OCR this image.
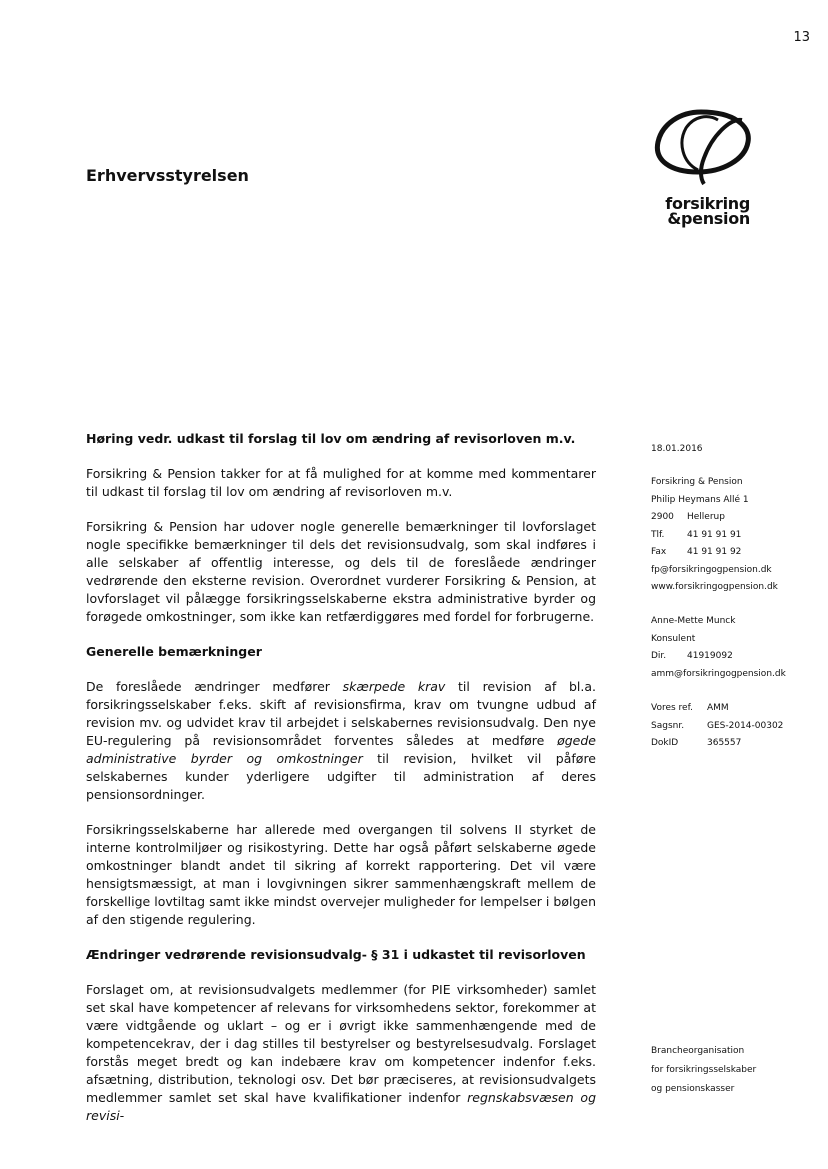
13
Erhvervsstyrelsen
forsikring
&pension
Høring vedr. udkast til forslag til lov om ændring af revisorloven m.v.

Forsikring & Pension takker for at få mulighed for at komme med kommentarer til udkast til forslag til lov om ændring af revisorloven m.v.

Forsikring & Pension har udover nogle generelle bemærkninger til lovforslaget nogle specifikke bemærkninger til dels det revisionsudvalg, som skal indføres i alle selskaber af offentlig interesse, og dels til de foreslåede ændringer vedrørende den eksterne revision. Overordnet vurderer Forsikring & Pension, at lovforslaget vil pålægge forsikringsselskaberne ekstra administrative byrder og forøgede omkostninger, som ikke kan retfærdiggøres med fordel for forbrugerne.

Generelle bemærkninger

De foreslåede ændringer medfører skærpede krav til revision af bl.a. forsikringsselskaber f.eks. skift af revisionsfirma, krav om tvungne udbud af revision mv. og udvidet krav til arbejdet i selskabernes revisionsudvalg. Den nye EU-regulering på revisionsområdet forventes således at medføre øgede administrative byrder og omkostninger til revision, hvilket vil påføre selskabernes kunder yderligere udgifter til administration af deres pensionsordninger.

Forsikringsselskaberne har allerede med overgangen til solvens II styrket de interne kontrolmiljøer og risikostyring. Dette har også påført selskaberne øgede omkostninger blandt andet til sikring af korrekt rapportering. Det vil være hensigtsmæssigt, at man i lovgivningen sikrer sammenhængskraft mellem de forskellige lovtiltag samt ikke mindst overvejer muligheder for lempelser i bølgen af den stigende regulering.

Ændringer vedrørende revisionsudvalg- § 31 i udkastet til revisorloven

Forslaget om, at revisionsudvalgets medlemmer (for PIE virksomheder) samlet set skal have kompetencer af relevans for virksomhedens sektor, forekommer at være vidtgående og uklart – og er i øvrigt ikke sammenhængende med de kompetencekrav, der i dag stilles til bestyrelser og bestyrelsesudvalg. Forslaget forstås meget bredt og kan indebære krav om kompetencer indenfor f.eks. afsætning, distribution, teknologi osv. Det bør præciseres, at revisionsudvalgets medlemmer samlet set skal have kvalifikationer indenfor regnskabsvæsen og revisi-

18.01.2016
Forsikring & Pension
Philip Heymans Allé 1
2900	Hellerup
Tlf.	41 91 91 91
Fax	41 91 91 92
fp@forsikringogpension.dk
www.forsikringogpension.dk
Anne-Mette Munck
Konsulent
Dir.	41919092
amm@forsikringogpension.dk
Vores ref.	AMM
Sagsnr.	GES-2014-00302
DokID	365557
Brancheorganisation
for forsikringsselskaber
og pensionskasser
